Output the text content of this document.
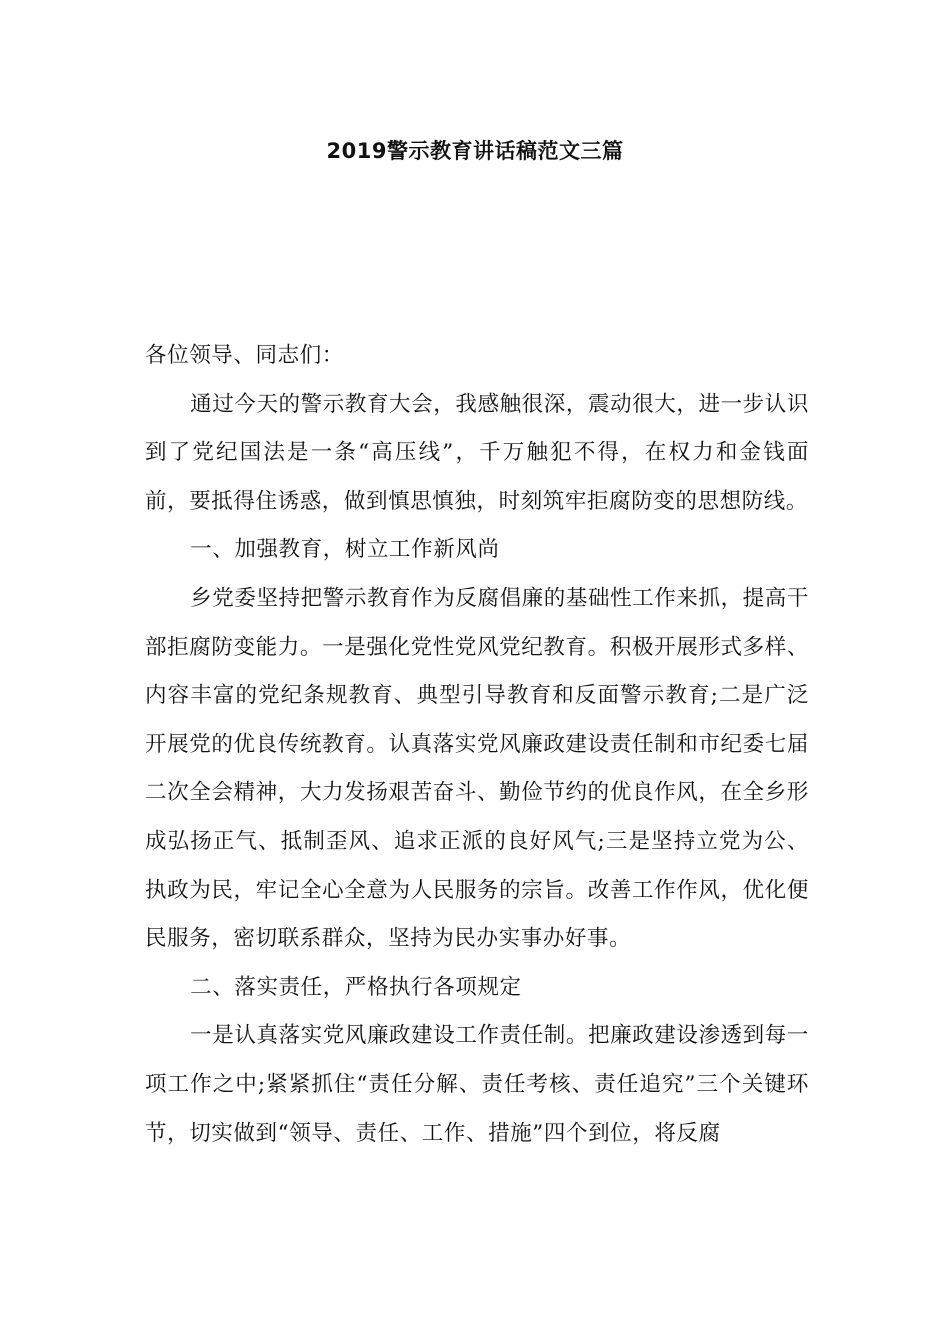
2019警示教育讲话稿范文三篇

各位领导、同志们：

通过今天的警示教育大会，我感触很深，震动很大，进一步认识到了党纪国法是一条“高压线”，千万触犯不得，在权力和金钱面前，要抵得住诱惑，做到慎思慎独，时刻筑牢拒腐防变的思想防线。

一、加强教育，树立工作新风尚

乡党委坚持把警示教育作为反腐倡廉的基础性工作来抓，提高干部拒腐防变能力。一是强化党性党风党纪教育。积极开展形式多样、内容丰富的党纪条规教育、典型引导教育和反面警示教育;二是广泛开展党的优良传统教育。认真落实党风廉政建设责任制和市纪委七届二次全会精神，大力发扬艰苦奋斗、勤俭节约的优良作风，在全乡形成弘扬正气、抵制歪风、追求正派的良好风气;三是坚持立党为公、执政为民，牢记全心全意为人民服务的宗旨。改善工作作风，优化便民服务，密切联系群众，坚持为民办实事办好事。

二、落实责任，严格执行各项规定

一是认真落实党风廉政建设工作责任制。把廉政建设渗透到每一项工作之中;紧紧抓住“责任分解、责任考核、责任追究”三个关键环节，切实做到“领导、责任、工作、措施”四个到位，将反腐
